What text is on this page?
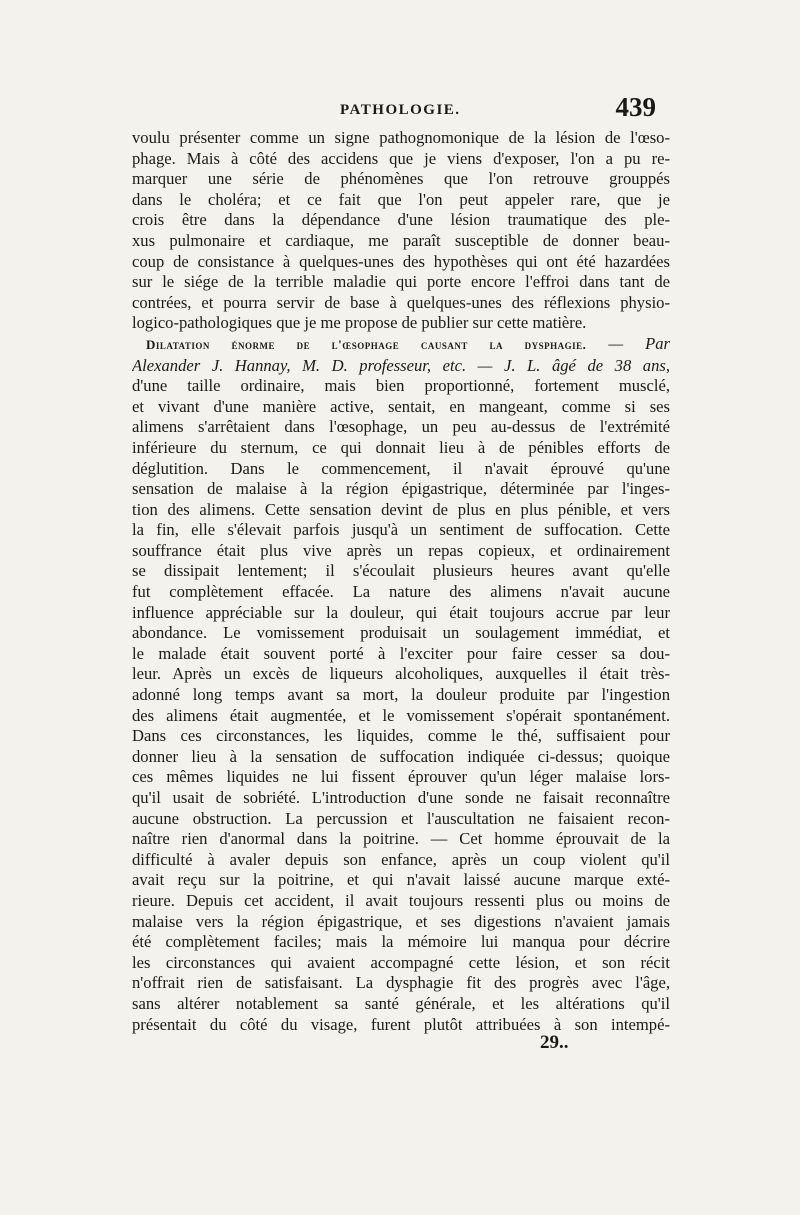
PATHOLOGIE.	439
voulu présenter comme un signe pathognomonique de la lésion de l'œso-
phage. Mais à côté des accidens que je viens d'exposer, l'on a pu re-
marquer une série de phénomènes que l'on retrouve grouppés
dans le choléra; et ce fait que l'on peut appeler rare, que je
crois être dans la dépendance d'une lésion traumatique des ple-
xus pulmonaire et cardiaque, me paraît susceptible de donner beau-
coup de consistance à quelques-unes des hypothèses qui ont été hazardées
sur le siége de la terrible maladie qui porte encore l'effroi dans tant de
contrées, et pourra servir de base à quelques-unes des réflexions physio-
logico-pathologiques que je me propose de publier sur cette matière.
Dilatation énorme de l'œsophage causant la dysphagie. — Par
Alexander J. Hannay, M. D. professeur, etc. — J. L. âgé de 38 ans,
d'une taille ordinaire, mais bien proportionné, fortement musclé,
et vivant d'une manière active, sentait, en mangeant, comme si ses
alimens s'arrêtaient dans l'œsophage, un peu au-dessus de l'extrémité
inférieure du sternum, ce qui donnait lieu à de pénibles efforts de
déglutition. Dans le commencement, il n'avait éprouvé qu'une
sensation de malaise à la région épigastrique, déterminée par l'inges-
tion des alimens. Cette sensation devint de plus en plus pénible, et vers
la fin, elle s'élevait parfois jusqu'à un sentiment de suffocation. Cette
souffrance était plus vive après un repas copieux, et ordinairement
se dissipait lentement; il s'écoulait plusieurs heures avant qu'elle
fut complètement effacée. La nature des alimens n'avait aucune
influence appréciable sur la douleur, qui était toujours accrue par leur
abondance. Le vomissement produisait un soulagement immédiat, et
le malade était souvent porté à l'exciter pour faire cesser sa dou-
leur. Après un excès de liqueurs alcoholiques, auxquelles il était très-
adonné long temps avant sa mort, la douleur produite par l'ingestion
des alimens était augmentée, et le vomissement s'opérait spontanément.
Dans ces circonstances, les liquides, comme le thé, suffisaient pour
donner lieu à la sensation de suffocation indiquée ci-dessus; quoique
ces mêmes liquides ne lui fissent éprouver qu'un léger malaise lors-
qu'il usait de sobriété. L'introduction d'une sonde ne faisait reconnaître
aucune obstruction. La percussion et l'auscultation ne faisaient recon-
naître rien d'anormal dans la poitrine. — Cet homme éprouvait de la
difficulté à avaler depuis son enfance, après un coup violent qu'il
avait reçu sur la poitrine, et qui n'avait laissé aucune marque exté-
rieure. Depuis cet accident, il avait toujours ressenti plus ou moins de
malaise vers la région épigastrique, et ses digestions n'avaient jamais
été complètement faciles; mais la mémoire lui manqua pour décrire
les circonstances qui avaient accompagné cette lésion, et son récit
n'offrait rien de satisfaisant. La dysphagie fit des progrès avec l'âge,
sans altérer notablement sa santé générale, et les altérations qu'il
présentait du côté du visage, furent plutôt attribuées à son intempé-
29..
